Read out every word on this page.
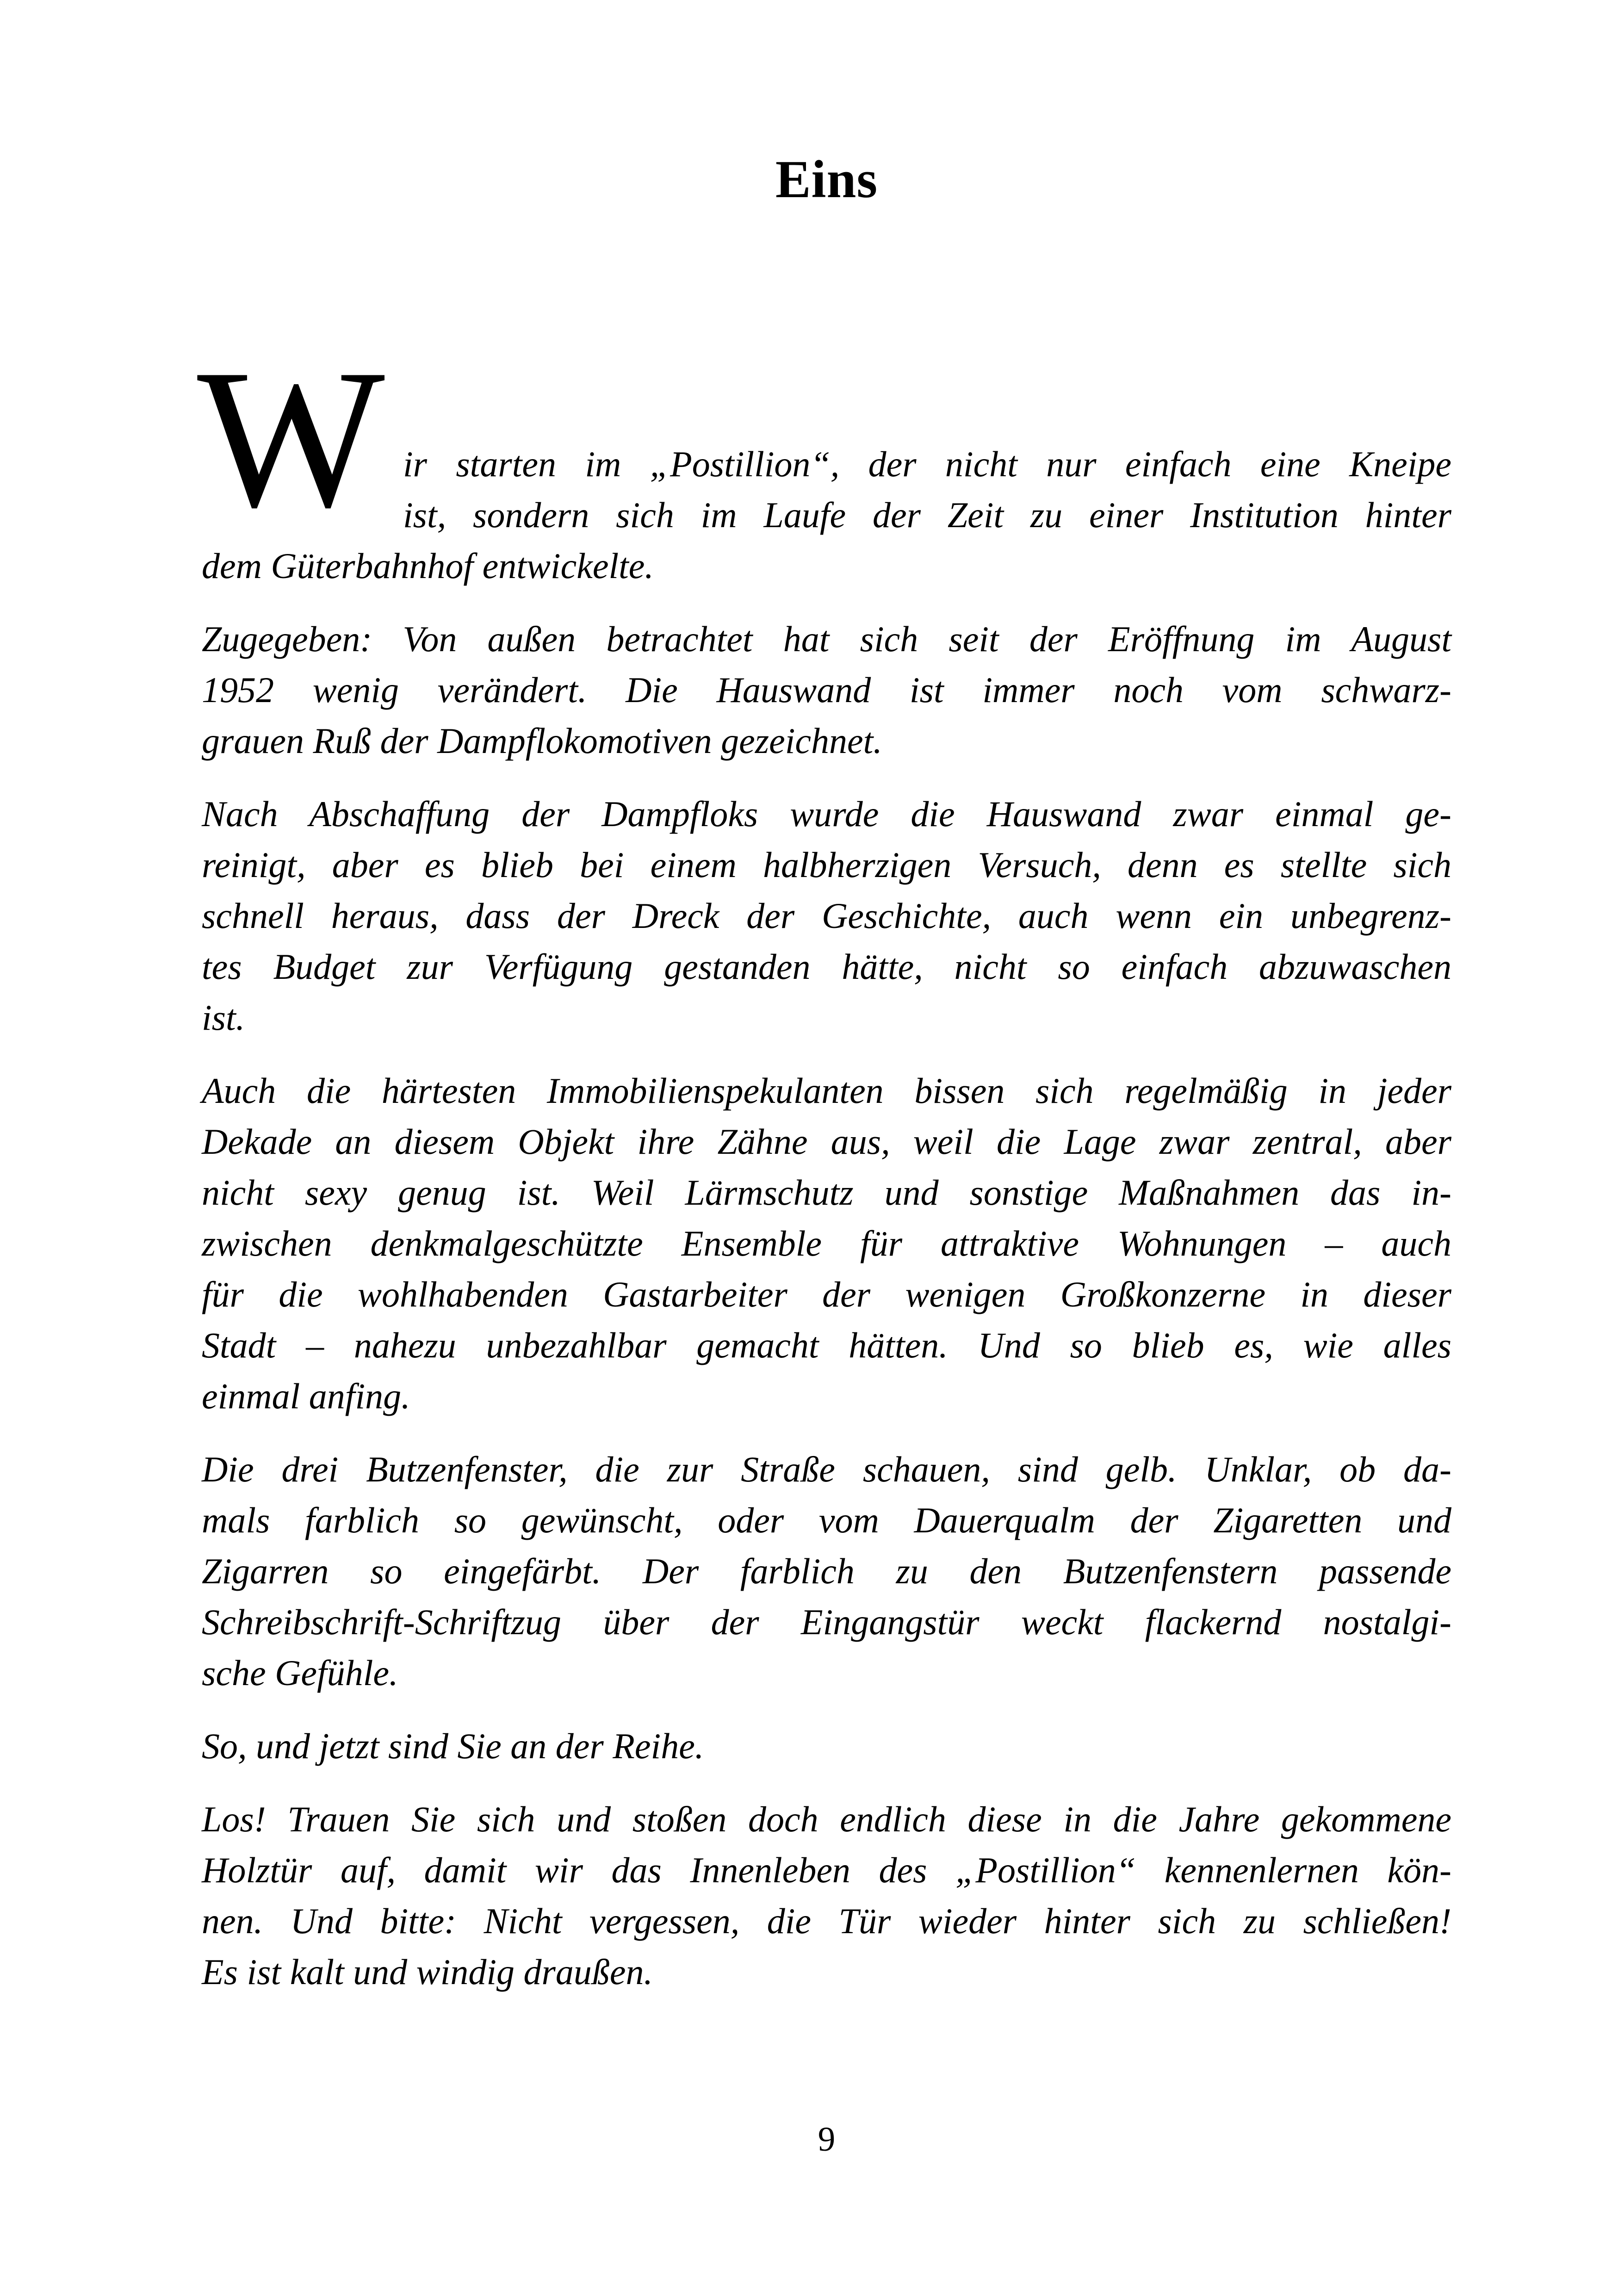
Eins
W ir starten im „Postillion“, der nicht nur einfach eine Kneipe
ist, sondern sich im Laufe der Zeit zu einer Institution hinter
dem Güterbahnhof entwickelte.
Zugegeben: Von außen betrachtet hat sich seit der Eröffnung im August
1952 wenig verändert. Die Hauswand ist immer noch vom schwarz-
grauen Ruß der Dampflokomotiven gezeichnet.
Nach Abschaffung der Dampfloks wurde die Hauswand zwar einmal ge-
reinigt, aber es blieb bei einem halbherzigen Versuch, denn es stellte sich
schnell heraus, dass der Dreck der Geschichte, auch wenn ein unbegrenz-
tes Budget zur Verfügung gestanden hätte, nicht so einfach abzuwaschen
ist.
Auch die härtesten Immobilienspekulanten bissen sich regelmäßig in jeder
Dekade an diesem Objekt ihre Zähne aus, weil die Lage zwar zentral, aber
nicht sexy genug ist. Weil Lärmschutz und sonstige Maßnahmen das in-
zwischen denkmalgeschützte Ensemble für attraktive Wohnungen – auch
für die wohlhabenden Gastarbeiter der wenigen Großkonzerne in dieser
Stadt – nahezu unbezahlbar gemacht hätten. Und so blieb es, wie alles
einmal anfing.
Die drei Butzenfenster, die zur Straße schauen, sind gelb. Unklar, ob da-
mals farblich so gewünscht, oder vom Dauerqualm der Zigaretten und
Zigarren so eingefärbt. Der farblich zu den Butzenfenstern passende
Schreibschrift-Schriftzug über der Eingangstür weckt flackernd nostalgi-
sche Gefühle.
So, und jetzt sind Sie an der Reihe.
Los! Trauen Sie sich und stoßen doch endlich diese in die Jahre gekommene
Holztür auf, damit wir das Innenleben des „Postillion“ kennenlernen kön-
nen. Und bitte: Nicht vergessen, die Tür wieder hinter sich zu schließen!
Es ist kalt und windig draußen.
9
